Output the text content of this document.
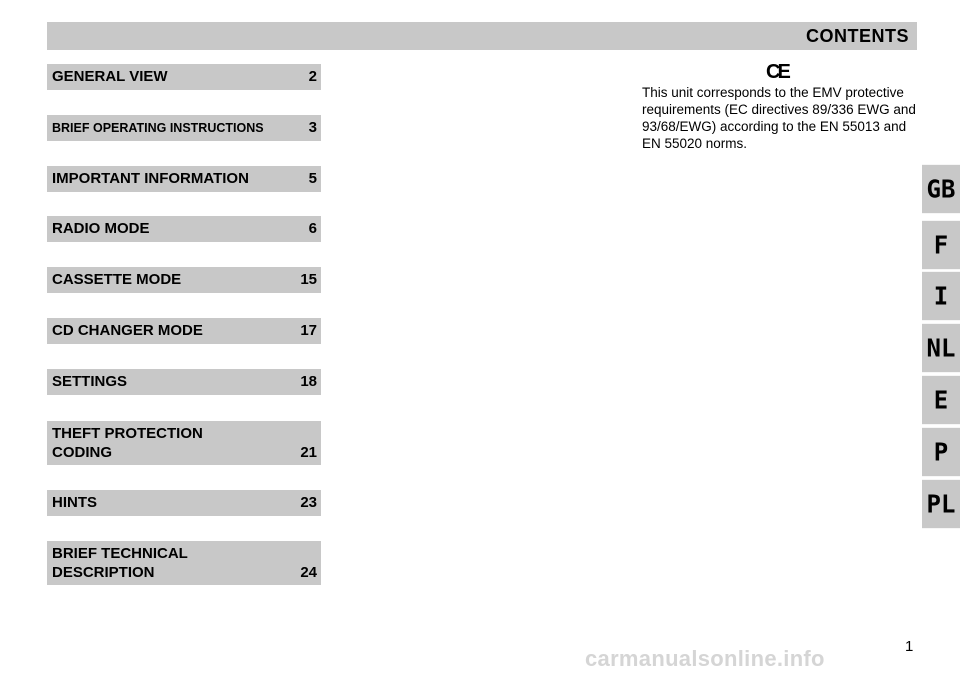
CONTENTS
GENERAL VIEW	2
BRIEF OPERATING INSTRUCTIONS	3
IMPORTANT INFORMATION	5
RADIO MODE	6
CASSETTE MODE	15
CD CHANGER MODE	17
SETTINGS	18
THEFT PROTECTION
CODING	21
HINTS	23
BRIEF TECHNICAL
DESCRIPTION	24
CE
This unit corresponds to the EMV protective requirements (EC directives 89/336 EWG and 93/68/EWG) according to the EN 55013 and EN 55020 norms.
GB
F
I
NL
E
P
PL
1
carmanualsonline.info
